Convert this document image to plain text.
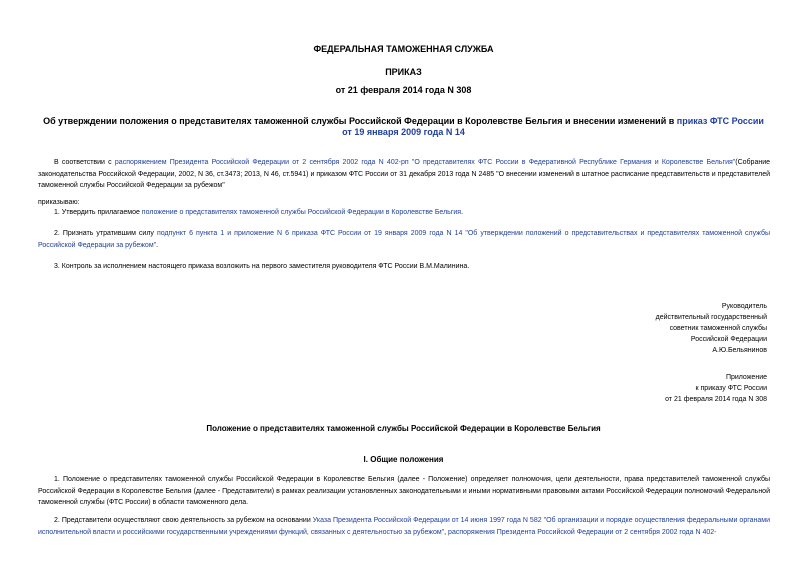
ФЕДЕРАЛЬНАЯ ТАМОЖЕННАЯ СЛУЖБА
ПРИКАЗ
от 21 февраля 2014 года N 308
Об утверждении положения о представителях таможенной службы Российской Федерации в Королевстве Бельгия и внесении изменений в приказ ФТС России от 19 января 2009 года N 14
В соответствии с распоряжением Президента Российской Федерации от 2 сентября 2002 года N 402-рп "О представителях ФТС России в Федеративной Республике Германия и Королевстве Бельгия"(Собрание законодательства Российской Федерации, 2002, N 36, ст.3473; 2013, N 46, ст.5941) и приказом ФТС России от 31 декабря 2013 года N 2485 "О внесении изменений в штатное расписание представительств и представителей таможенной службы Российской Федерации за рубежом"
приказываю:
1. Утвердить прилагаемое положение о представителях таможенной службы Российской Федерации в Королевстве Бельгия.
2. Признать утратившим силу подпункт 6 пункта 1 и приложение N 6 приказа ФТС России от 19 января 2009 года N 14 "Об утверждении положений о представительствах и представителях таможенной службы Российской Федерации за рубежом".
3. Контроль за исполнением настоящего приказа возложить на первого заместителя руководителя ФТС России В.М.Малинина.
Руководитель
действительный государственный
советник таможенной службы
Российской Федерации
А.Ю.Бельянинов
Приложение
к приказу ФТС России
от 21 февраля 2014 года N 308
Положение о представителях таможенной службы Российской Федерации в Королевстве Бельгия
I. Общие положения
1. Положение о представителях таможенной службы Российской Федерации в Королевстве Бельгия (далее - Положение) определяет полномочия, цели деятельности, права представителей таможенной службы Российской Федерации в Королевстве Бельгия (далее - Представители) в рамках реализации установленных законодательными и иными нормативными правовыми актами Российской Федерации полномочий Федеральной таможенной службы (ФТС России) в области таможенного дела.
2. Представители осуществляют свою деятельность за рубежом на основании Указа Президента Российской Федерации от 14 июня 1997 года N 582 "Об организации и порядке осуществления федеральными органами исполнительной власти и российскими государственными учреждениями функций, связанных с деятельностью за рубежом", распоряжения Президента Российской Федерации от 2 сентября 2002 года N 402-
